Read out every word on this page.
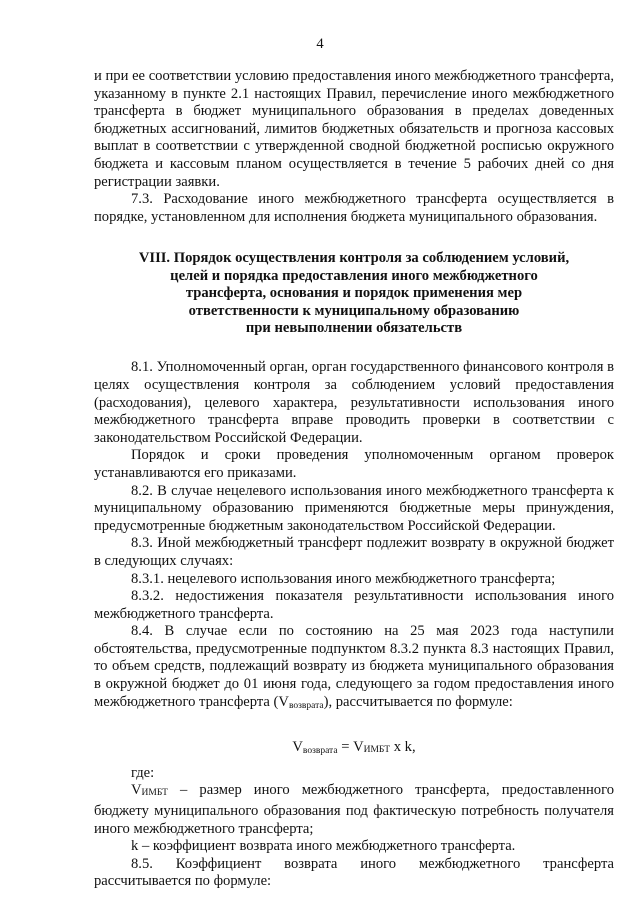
4

и при ее соответствии условию предоставления иного межбюджетного трансферта, указанному в пункте 2.1 настоящих Правил, перечисление иного межбюджетного трансферта в бюджет муниципального образования в пределах доведенных бюджетных ассигнований, лимитов бюджетных обязательств и прогноза кассовых выплат в соответствии с утвержденной сводной бюджетной росписью окружного бюджета и кассовым планом осуществляется в течение 5 рабочих дней со дня регистрации заявки.

7.3. Расходование иного межбюджетного трансферта осуществляется в порядке, установленном для исполнения бюджета муниципального образования.

VIII. Порядок осуществления контроля за соблюдением условий,
целей и порядка предоставления иного межбюджетного
трансферта, основания и порядок применения мер
ответственности к муниципальному образованию
при невыполнении обязательств

8.1. Уполномоченный орган, орган государственного финансового контроля в целях осуществления контроля за соблюдением условий предоставления (расходования), целевого характера, результативности использования иного межбюджетного трансферта вправе проводить проверки в соответствии с законодательством Российской Федерации.

Порядок и сроки проведения уполномоченным органом проверок устанавливаются его приказами.

8.2. В случае нецелевого использования иного межбюджетного трансферта к муниципальному образованию применяются бюджетные меры принуждения, предусмотренные бюджетным законодательством Российской Федерации.

8.3. Иной межбюджетный трансферт подлежит возврату в окружной бюджет в следующих случаях:

8.3.1. нецелевого использования иного межбюджетного трансферта;

8.3.2. недостижения показателя результативности использования иного межбюджетного трансферта.

8.4. В случае если по состоянию на 25 мая 2023 года наступили обстоятельства, предусмотренные подпунктом 8.3.2 пункта 8.3 настоящих Правил, то объем средств, подлежащий возврату из бюджета муниципального образования в окружной бюджет до 01 июня года, следующего за годом предоставления иного межбюджетного трансферта $(V_{возврата})$, рассчитывается по формуле:

$V_{возврата}$ = VИМБТ x k,

где:

VИМБТ – размер иного межбюджетного трансферта, предоставленного бюджету муниципального образования под фактическую потребность получателя иного межбюджетного трансферта;

k – коэффициент возврата иного межбюджетного трансферта.

8.5. Коэффициент возврата иного межбюджетного трансферта рассчитывается по формуле:
